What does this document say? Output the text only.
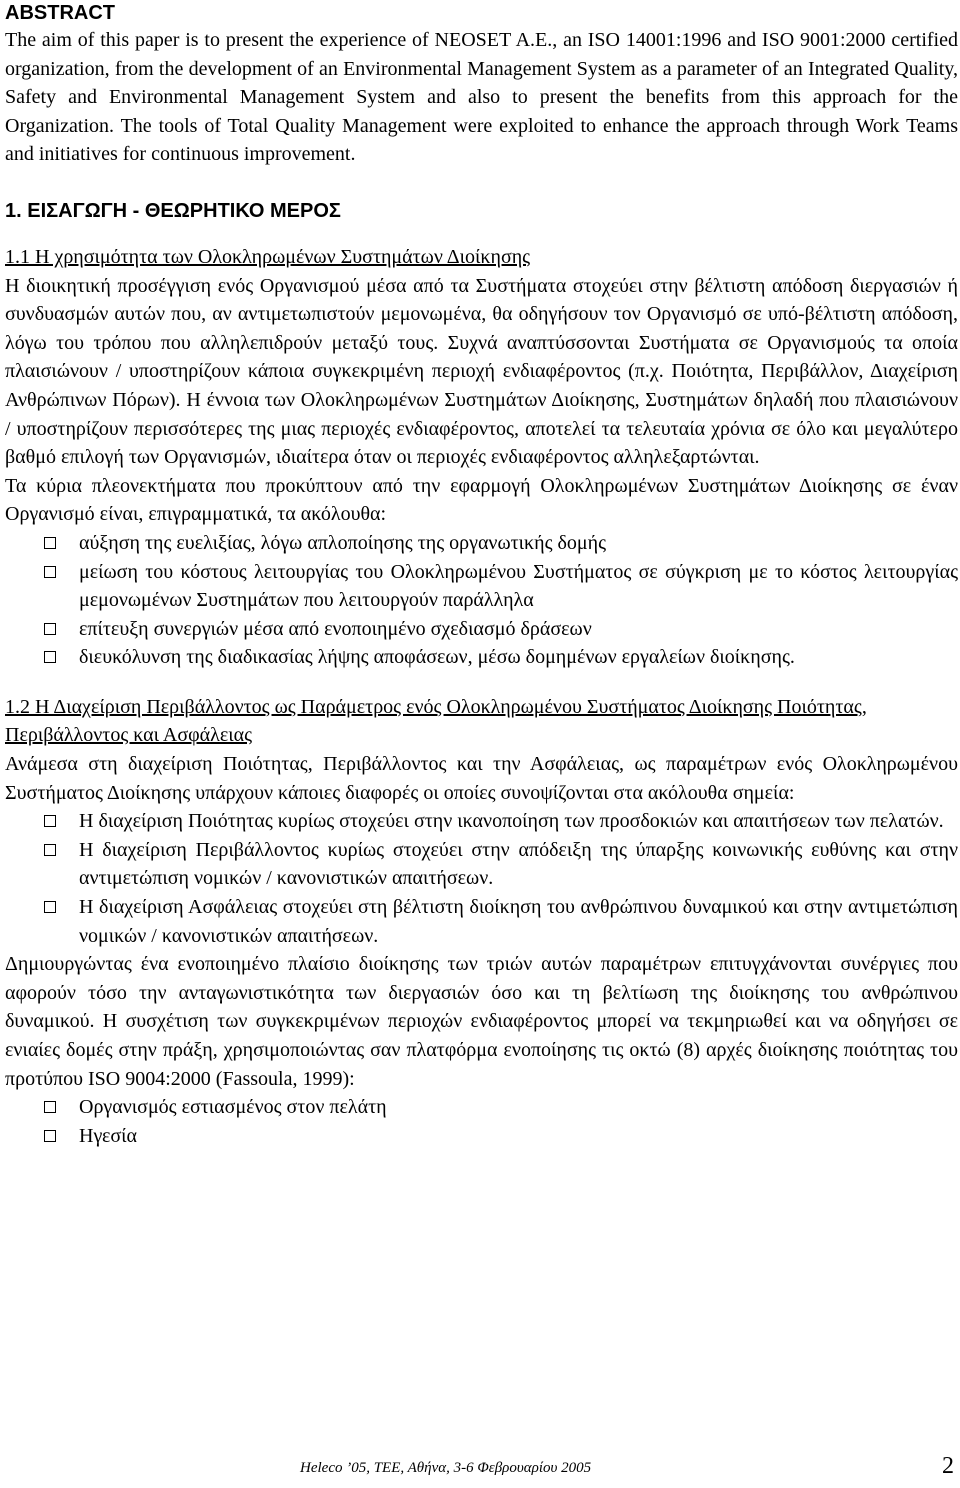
ABSTRACT

The aim of this paper is to present the experience of NEOSET A.E., an ISO 14001:1996 and ISO 9001:2000 certified organization, from the development of an Environmental Management System as a parameter of an Integrated Quality, Safety and Environmental Management System and also to present the benefits from this approach for the Organization. The tools of Total Quality Management were exploited to enhance the approach through Work Teams and initiatives for continuous improvement.

1. ΕΙΣΑΓΩΓΗ - ΘΕΩΡΗΤΙΚΟ ΜΕΡΟΣ

1.1 Η χρησιμότητα των Ολοκληρωμένων Συστημάτων Διοίκησης

Η διοικητική προσέγγιση ενός Οργανισμού μέσα από τα Συστήματα στοχεύει στην βέλτιστη απόδοση διεργασιών ή συνδυασμών αυτών που, αν αντιμετωπιστούν μεμονωμένα, θα οδηγήσουν τον Οργανισμό σε υπό-βέλτιστη απόδοση, λόγω του τρόπου που αλληλεπιδρούν μεταξύ τους. Συχνά αναπτύσσονται Συστήματα σε Οργανισμούς τα οποία πλαισιώνουν / υποστηρίζουν κάποια συγκεκριμένη περιοχή ενδιαφέροντος (π.χ. Ποιότητα, Περιβάλλον, Διαχείριση Ανθρώπινων Πόρων). Η έννοια των Ολοκληρωμένων Συστημάτων Διοίκησης, Συστημάτων δηλαδή που πλαισιώνουν / υποστηρίζουν περισσότερες της μιας περιοχές ενδιαφέροντος, αποτελεί τα τελευταία χρόνια σε όλο και μεγαλύτερο βαθμό επιλογή των Οργανισμών, ιδιαίτερα όταν οι περιοχές ενδιαφέροντος αλληλεξαρτώνται.

Τα κύρια πλεονεκτήματα που προκύπτουν από την εφαρμογή Ολοκληρωμένων Συστημάτων Διοίκησης σε έναν Οργανισμό είναι, επιγραμματικά, τα ακόλουθα:

αύξηση της ευελιξίας, λόγω απλοποίησης της οργανωτικής δομής
μείωση του κόστους λειτουργίας του Ολοκληρωμένου Συστήματος σε σύγκριση με το κόστος λειτουργίας μεμονωμένων Συστημάτων που λειτουργούν παράλληλα
επίτευξη συνεργιών μέσα από ενοποιημένο σχεδιασμό δράσεων
διευκόλυνση της διαδικασίας λήψης αποφάσεων, μέσω δομημένων εργαλείων διοίκησης.

1.2 Η Διαχείριση Περιβάλλοντος ως Παράμετρος ενός Ολοκληρωμένου Συστήματος Διοίκησης Ποιότητας, Περιβάλλοντος και Ασφάλειας

Ανάμεσα στη διαχείριση Ποιότητας, Περιβάλλοντος και την Ασφάλειας, ως παραμέτρων ενός Ολοκληρωμένου Συστήματος Διοίκησης υπάρχουν κάποιες διαφορές οι οποίες συνοψίζονται στα ακόλουθα σημεία:

Η διαχείριση Ποιότητας κυρίως στοχεύει στην ικανοποίηση των προσδοκιών και απαιτήσεων των πελατών.
Η διαχείριση Περιβάλλοντος κυρίως στοχεύει στην απόδειξη της ύπαρξης κοινωνικής ευθύνης και στην αντιμετώπιση νομικών / κανονιστικών απαιτήσεων.
Η διαχείριση Ασφάλειας στοχεύει στη βέλτιστη διοίκηση του ανθρώπινου δυναμικού και στην αντιμετώπιση νομικών / κανονιστικών απαιτήσεων.

Δημιουργώντας ένα ενοποιημένο πλαίσιο διοίκησης των τριών αυτών παραμέτρων επιτυγχάνονται συνέργιες που αφορούν τόσο την ανταγωνιστικότητα των διεργασιών όσο και τη βελτίωση της διοίκησης του ανθρώπινου δυναμικού. Η συσχέτιση των συγκεκριμένων περιοχών ενδιαφέροντος μπορεί να τεκμηριωθεί και να οδηγήσει σε ενιαίες δομές στην πράξη, χρησιμοποιώντας σαν πλατφόρμα ενοποίησης τις οκτώ (8) αρχές διοίκησης ποιότητας του προτύπου ISO 9004:2000 (Fassoula, 1999):

Οργανισμός εστιασμένος στον πελάτη
Ηγεσία
Heleco ’05, ΤΕΕ, Αθήνα, 3-6 Φεβρουαρίου 2005	2
